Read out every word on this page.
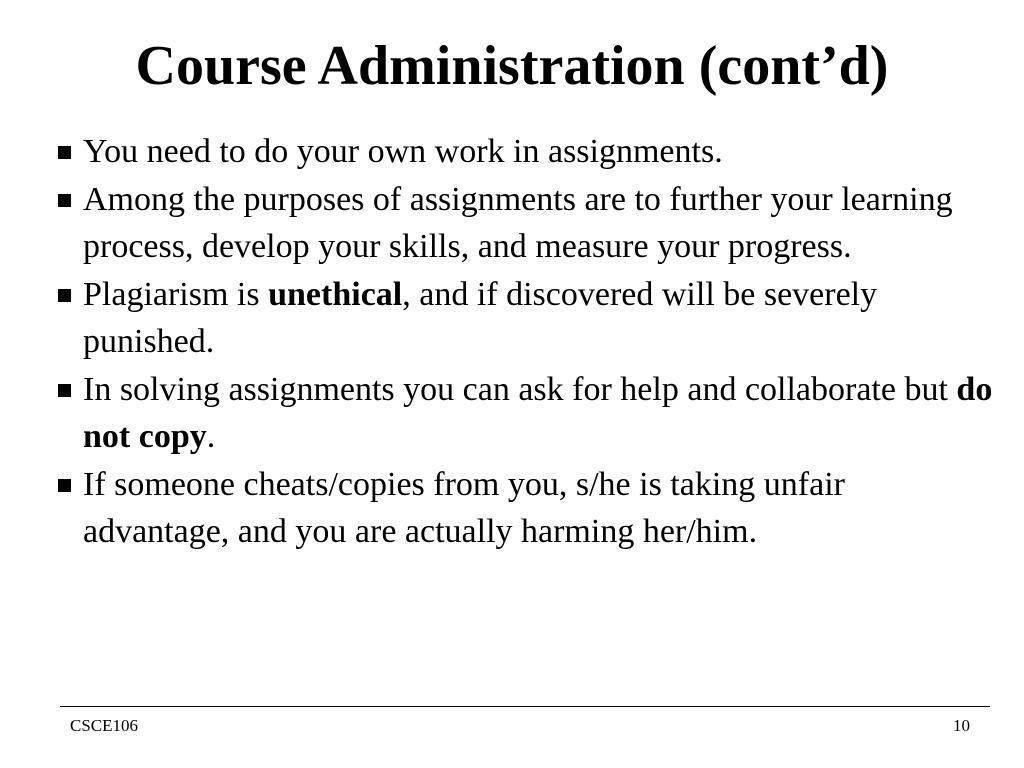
Course Administration (cont’d)
You need to do your own work in assignments.
Among the purposes of assignments are to further your learning process, develop your skills, and measure your progress.
Plagiarism is unethical, and if discovered will be severely punished.
In solving assignments you can ask for help and collaborate but do not copy.
If someone cheats/copies from you, s/he is taking unfair advantage, and you are actually harming her/him.
CSCE106	10
